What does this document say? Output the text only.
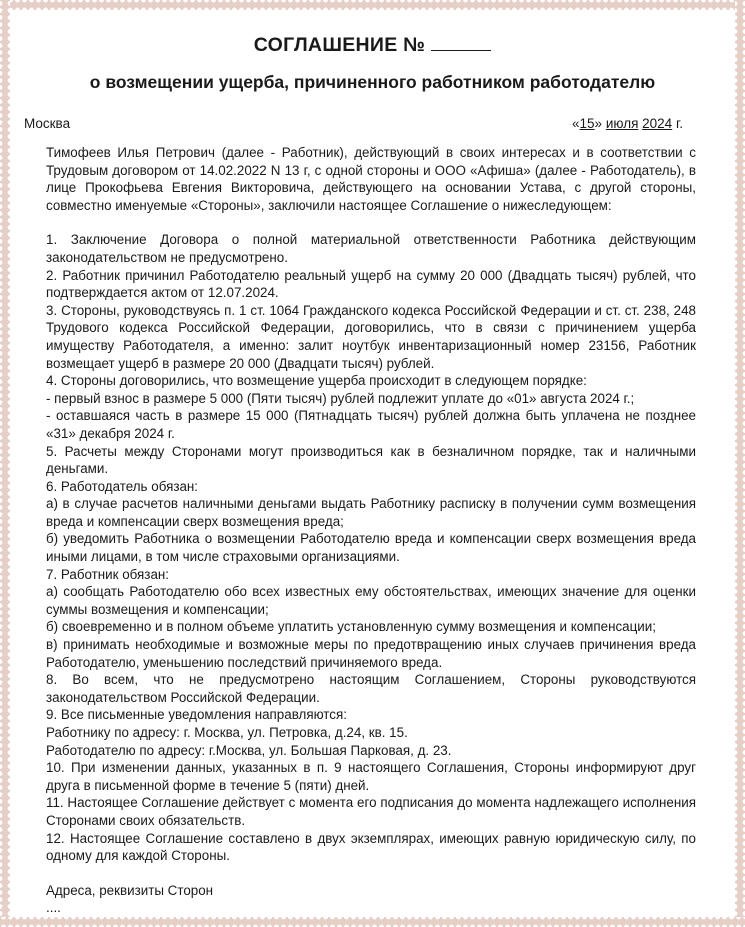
СОГЛАШЕНИЕ №
о возмещении ущерба, причиненного работником работодателю
Москва	«15» июля 2024 г.

Тимофеев Илья Петрович (далее - Работник), действующий в своих интересах и в соответствии с Трудовым договором от 14.02.2022 N 13 г, с одной стороны и ООО «Афиша» (далее - Работодатель), в лице Прокофьева Евгения Викторовича, действующего на основании Устава, с другой стороны, совместно именуемые «Стороны», заключили настоящее Соглашение о нижеследующем:

1. Заключение Договора о полной материальной ответственности Работника действующим законодательством не предусмотрено.

2. Работник причинил Работодателю реальный ущерб на сумму 20 000 (Двадцать тысяч) рублей, что подтверждается актом от 12.07.2024.

3. Стороны, руководствуясь п. 1 ст. 1064 Гражданского кодекса Российской Федерации и ст. ст. 238, 248 Трудового кодекса Российской Федерации, договорились, что в связи с причинением ущерба имуществу Работодателя, а именно: залит ноутбук инвентаризационный номер 23156, Работник возмещает ущерб в размере 20 000 (Двадцати тысяч) рублей.

4. Стороны договорились, что возмещение ущерба происходит в следующем порядке:

- первый взнос в размере 5 000 (Пяти тысяч) рублей подлежит уплате до «01» августа 2024 г.;

- оставшаяся часть в размере 15 000 (Пятнадцать тысяч) рублей должна быть уплачена не позднее «31» декабря 2024 г.

5. Расчеты между Сторонами могут производиться как в безналичном порядке, так и наличными деньгами.

6. Работодатель обязан:

а) в случае расчетов наличными деньгами выдать Работнику расписку в получении сумм возмещения вреда и компенсации сверх возмещения вреда;

б) уведомить Работника о возмещении Работодателю вреда и компенсации сверх возмещения вреда иными лицами, в том числе страховыми организациями.

7. Работник обязан:

а) сообщать Работодателю обо всех известных ему обстоятельствах, имеющих значение для оценки суммы возмещения и компенсации;

б) своевременно и в полном объеме уплатить установленную сумму возмещения и компенсации;

в) принимать необходимые и возможные меры по предотвращению иных случаев причинения вреда Работодателю, уменьшению последствий причиняемого вреда.

8. Во всем, что не предусмотрено настоящим Соглашением, Стороны руководствуются законодательством Российской Федерации.

9. Все письменные уведомления направляются:

Работнику по адресу: г. Москва, ул. Петровка, д.24, кв. 15.

Работодателю по адресу: г.Москва, ул. Большая Парковая, д. 23.

10. При изменении данных, указанных в п. 9 настоящего Соглашения, Стороны информируют друг друга в письменной форме в течение 5 (пяти) дней.

11. Настоящее Соглашение действует с момента его подписания до момента надлежащего исполнения Сторонами своих обязательств.

12. Настоящее Соглашение составлено в двух экземплярах, имеющих равную юридическую силу, по одному для каждой Стороны.

Адреса, реквизиты Сторон

....
